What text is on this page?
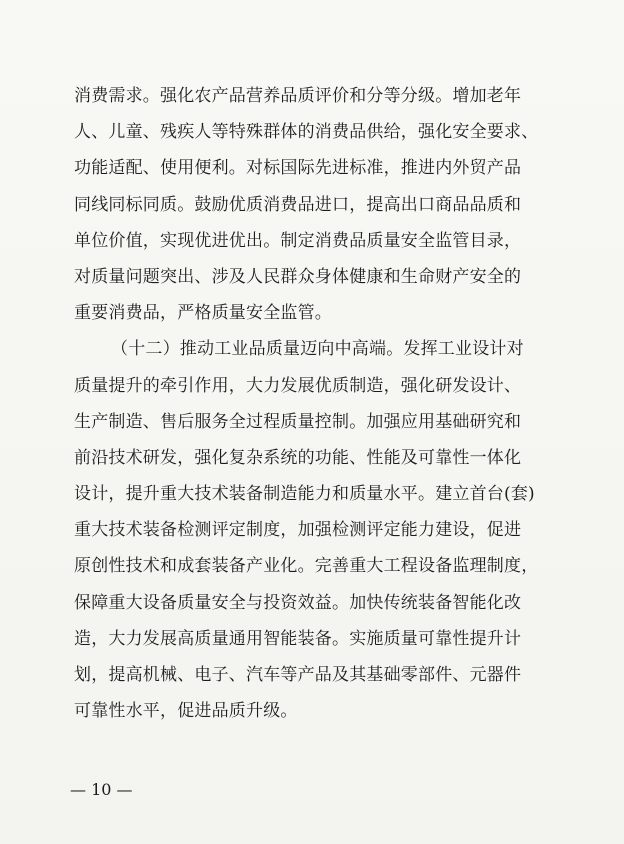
消费需求。强化农产品营养品质评价和分等分级。增加老年
人、儿童、残疾人等特殊群体的消费品供给，强化安全要求、
功能适配、使用便利。对标国际先进标准，推进内外贸产品
同线同标同质。鼓励优质消费品进口，提高出口商品品质和
单位价值，实现优进优出。制定消费品质量安全监管目录，
对质量问题突出、涉及人民群众身体健康和生命财产安全的
重要消费品，严格质量安全监管。
（十二）推动工业品质量迈向中高端。发挥工业设计对
质量提升的牵引作用，大力发展优质制造，强化研发设计、
生产制造、售后服务全过程质量控制。加强应用基础研究和
前沿技术研发，强化复杂系统的功能、性能及可靠性一体化
设计，提升重大技术装备制造能力和质量水平。建立首台(套)
重大技术装备检测评定制度，加强检测评定能力建设，促进
原创性技术和成套装备产业化。完善重大工程设备监理制度，
保障重大设备质量安全与投资效益。加快传统装备智能化改
造，大力发展高质量通用智能装备。实施质量可靠性提升计
划，提高机械、电子、汽车等产品及其基础零部件、元器件
可靠性水平，促进品质升级。
— 10 —
